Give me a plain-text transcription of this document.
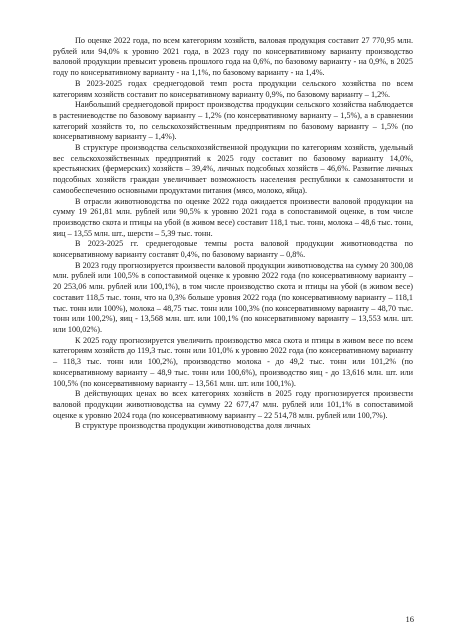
По оценке 2022 года, по всем категориям хозяйств, валовая продукция составит 27 770,95 млн. рублей или 94,0% к уровню 2021 года, в 2023 году по консервативному варианту производство валовой продукции превысит уровень прошлого года на 0,6%, по базовому варианту - на 0,9%, в 2025 году по консервативному варианту - на 1,1%, по базовому варианту - на 1,4%.

В 2023-2025 годах среднегодовой темп роста продукции сельского хозяйства по всем категориям хозяйств составит по консервативному варианту 0,9%, по базовому варианту – 1,2%.

Наибольший среднегодовой прирост производства продукции сельского хозяйства наблюдается в растениеводстве по базовому варианту – 1,2% (по консервативному варианту – 1,5%), а в сравнении категорий хозяйств то, по сельскохозяйственным предприятиям по базовому варианту – 1,5% (по консервативному варианту – 1,4%).

В структуре производства сельскохозяйственной продукции по категориям хозяйств, удельный вес сельскохозяйственных предприятий к 2025 году составит по базовому варианту 14,0%, крестьянских (фермерских) хозяйств – 39,4%, личных подсобных хозяйств – 46,6%. Развитие личных подсобных хозяйств граждан увеличивает возможность населения республики к самозанятости и самообеспечению основными продуктами питания (мясо, молоко, яйца).

В отрасли животноводства по оценке 2022 года ожидается произвести валовой продукции на сумму 19 261,81 млн. рублей или 90,5% к уровню 2021 года в сопоставимой оценке, в том числе производство скота и птицы на убой (в живом весе) составит 118,1 тыс. тонн, молока – 48,6 тыс. тонн, яиц – 13,55 млн. шт., шерсти – 5,39 тыс. тонн.

В 2023-2025 гг. среднегодовые темпы роста валовой продукции животноводства по консервативному варианту составят 0,4%, по базовому варианту – 0,8%.

В 2023 году прогнозируется произвести валовой продукции животноводства на сумму 20 300,08 млн. рублей или 100,5% в сопоставимой оценке к уровню 2022 года (по консервативному варианту – 20 253,06 млн. рублей или 100,1%), в том числе производство скота и птицы на убой (в живом весе) составит 118,5 тыс. тонн, что на 0,3% больше уровня 2022 года (по консервативному варианту – 118,1 тыс. тонн или 100%), молока – 48,75 тыс. тонн или 100,3% (по консервативному варианту – 48,70 тыс. тонн или 100,2%), яиц - 13,568 млн. шт. или 100,1% (по консервативному варианту – 13,553 млн. шт. или 100,02%).

К 2025 году прогнозируется увеличить производство мяса скота и птицы в живом весе по всем категориям хозяйств до 119,3 тыс. тонн или 101,0% к уровню 2022 года (по консервативному варианту – 118,3 тыс. тонн или 100,2%), производство молока - до 49,2 тыс. тонн или 101,2% (по консервативному варианту – 48,9 тыс. тонн или 100,6%), производство яиц - до 13,616 млн. шт. или 100,5% (по консервативному варианту – 13,561 млн. шт. или 100,1%).

В действующих ценах во всех категориях хозяйств в 2025 году прогнозируется произвести валовой продукции животноводства на сумму 22 677,47 млн. рублей или 101,1% в сопоставимой оценке к уровню 2024 года (по консервативному варианту – 22 514,78 млн. рублей или 100,7%).

В структуре производства продукции животноводства доля личных

16
